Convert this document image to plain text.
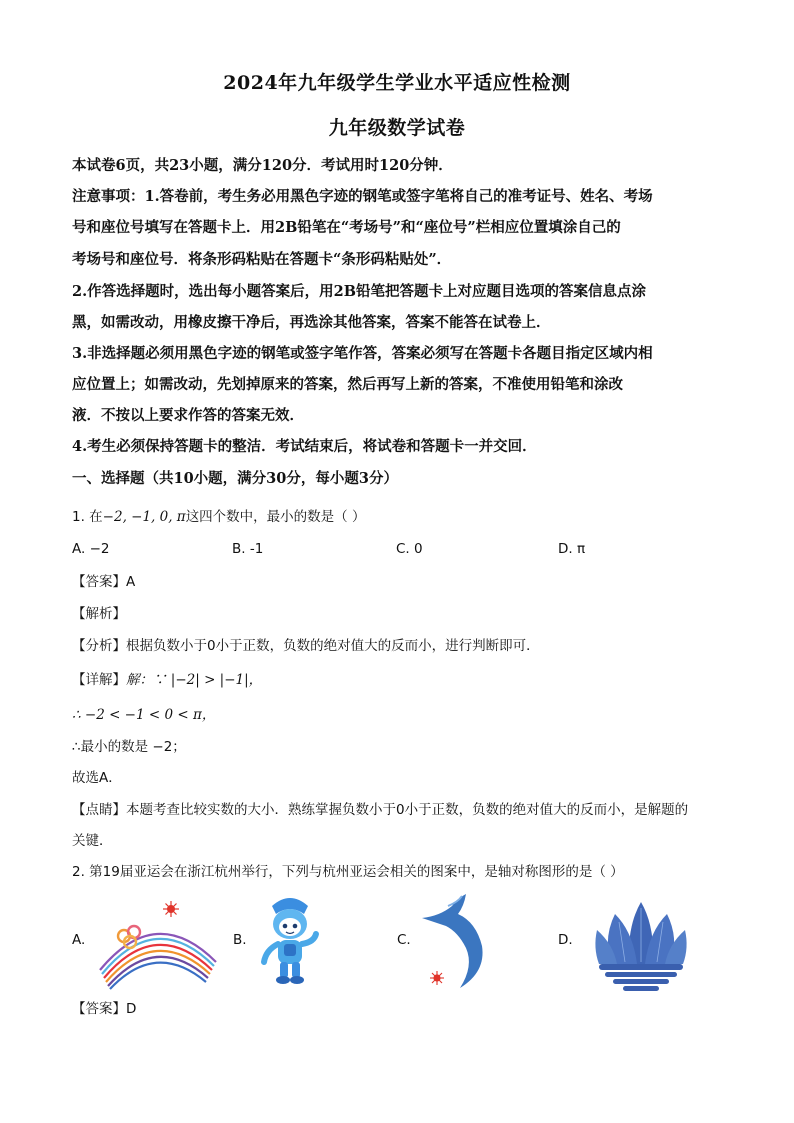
2024年九年级学生学业水平适应性检测
九年级数学试卷
本试卷6页，共23小题，满分120分．考试用时120分钟．
注意事项：1.答卷前，考生务必用黑色字迹的钢笔或签字笔将自己的准考证号、姓名、考场
号和座位号填写在答题卡上．用2B铅笔在“考场号”和“座位号”栏相应位置填涂自己的
考场号和座位号．将条形码粘贴在答题卡“条形码粘贴处”．
2.作答选择题时，选出每小题答案后，用2B铅笔把答题卡上对应题目选项的答案信息点涂
黑，如需改动，用橡皮擦干净后，再选涂其他答案，答案不能答在试卷上．
3.非选择题必须用黑色字迹的钢笔或签字笔作答，答案必须写在答题卡各题目指定区域内相
应位置上；如需改动，先划掉原来的答案，然后再写上新的答案，不准使用铅笔和涂改
液．不按以上要求作答的答案无效．
4.考生必须保持答题卡的整洁．考试结束后，将试卷和答题卡一并交回．
一、选择题（共10小题，满分30分，每小题3分）
1. 在−2, −1, 0, π这四个数中，最小的数是（ ）
A. −2	B. -1	C. 0	D. π
【答案】A
【解析】
【分析】根据负数小于0小于正数，负数的绝对值大的反而小，进行判断即可．
【详解】解：∵ |−2| > |−1|，
∴ −2 < −1 < 0 < π，
∴最小的数是 −2；
故选A．
【点睛】本题考查比较实数的大小．熟练掌握负数小于0小于正数，负数的绝对值大的反而小，是解题的
关键．
2. 第19届亚运会在浙江杭州举行，下列与杭州亚运会相关的图案中，是轴对称图形的是（ ）
A.	B.	C.	D.
【答案】D
